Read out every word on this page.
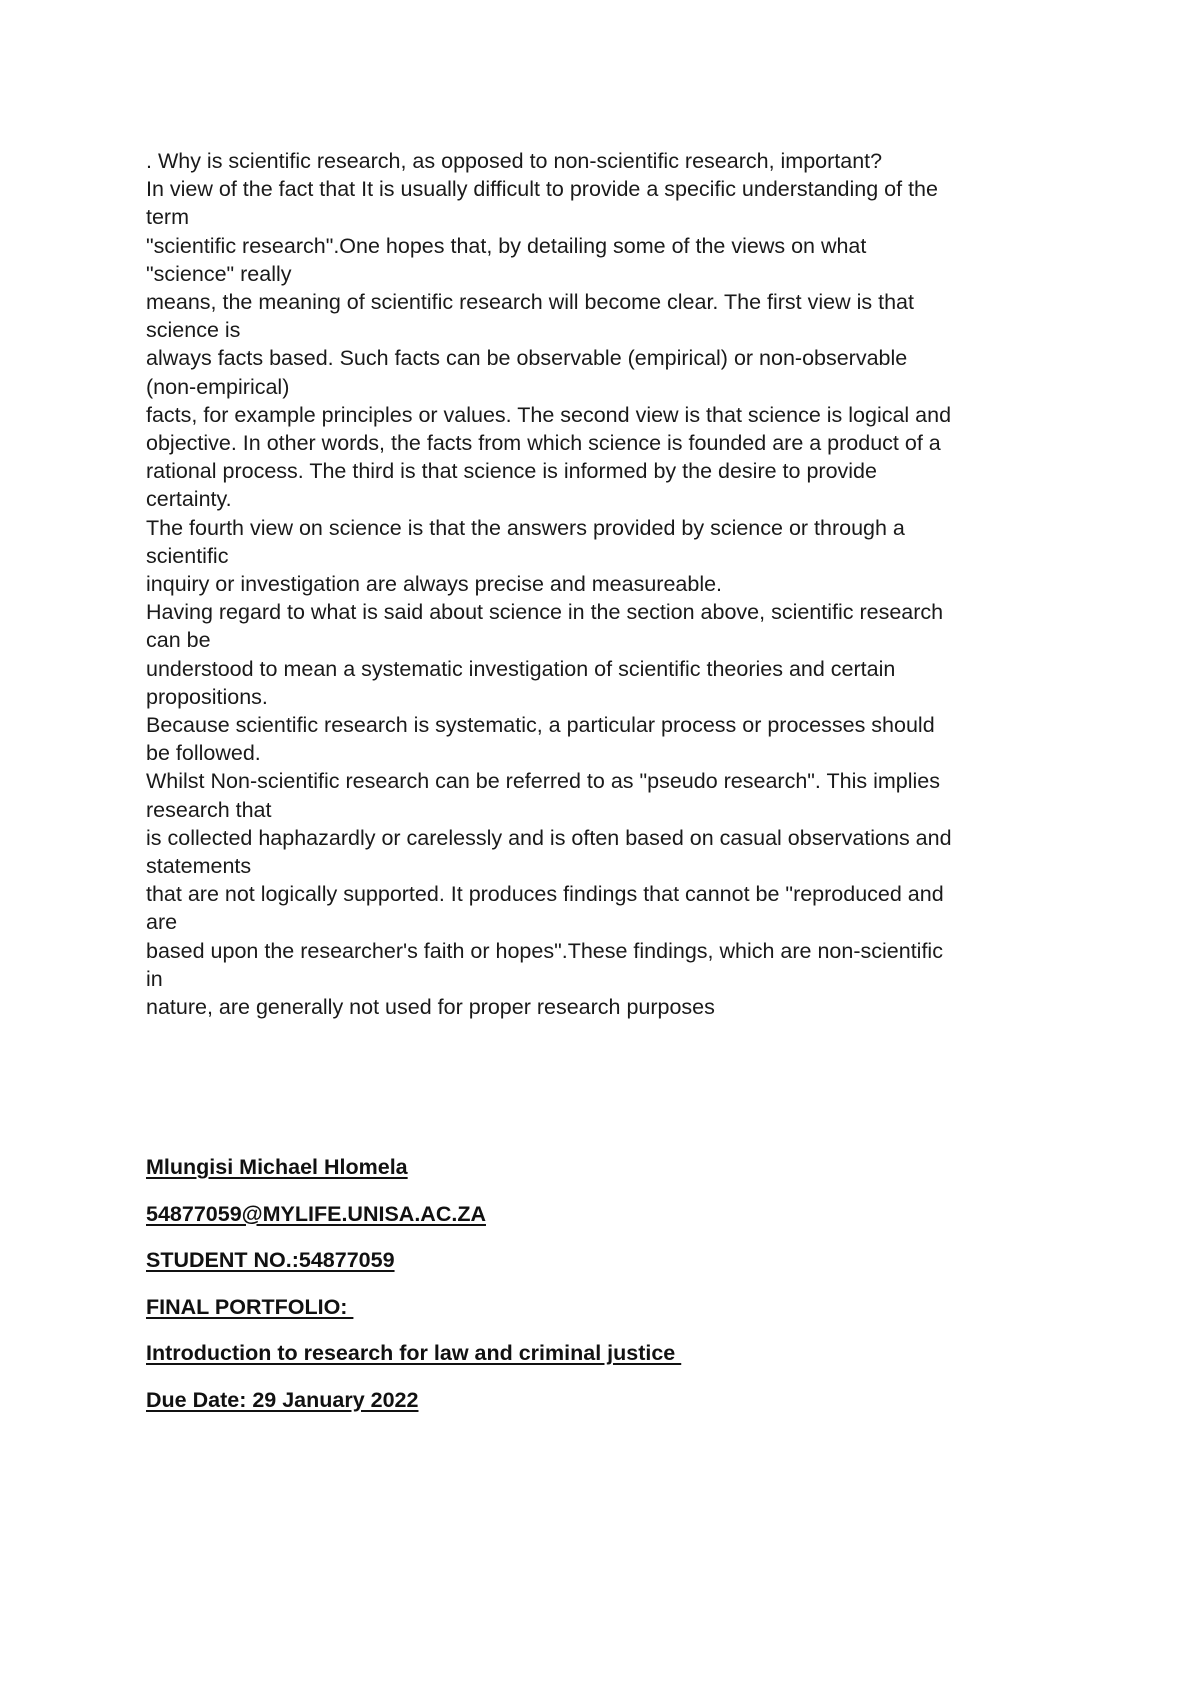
. Why is scientific research, as opposed to non-scientific research, important?
In view of the fact that It is usually difficult to provide a specific understanding of the
term
"scientific research".One hopes that, by detailing some of the views on what
"science" really
means, the meaning of scientific research will become clear. The first view is that
science is
always facts based. Such facts can be observable (empirical) or non-observable
(non-empirical)
facts, for example principles or values. The second view is that science is logical and
objective. In other words, the facts from which science is founded are a product of a
rational process. The third is that science is informed by the desire to provide
certainty.
The fourth view on science is that the answers provided by science or through a
scientific
inquiry or investigation are always precise and measureable.
Having regard to what is said about science in the section above, scientific research
can be
understood to mean a systematic investigation of scientific theories and certain
propositions.
Because scientific research is systematic, a particular process or processes should
be followed.
Whilst Non-scientific research can be referred to as "pseudo research". This implies
research that
is collected haphazardly or carelessly and is often based on casual observations and
statements
that are not logically supported. It produces findings that cannot be "reproduced and
are
based upon the researcher's faith or hopes".These findings, which are non-scientific
in
nature, are generally not used for proper research purposes
Mlungisi Michael Hlomela
54877059@MYLIFE.UNISA.AC.ZA
STUDENT NO.:54877059
FINAL PORTFOLIO:
Introduction to research for law and criminal justice
Due Date: 29 January 2022
